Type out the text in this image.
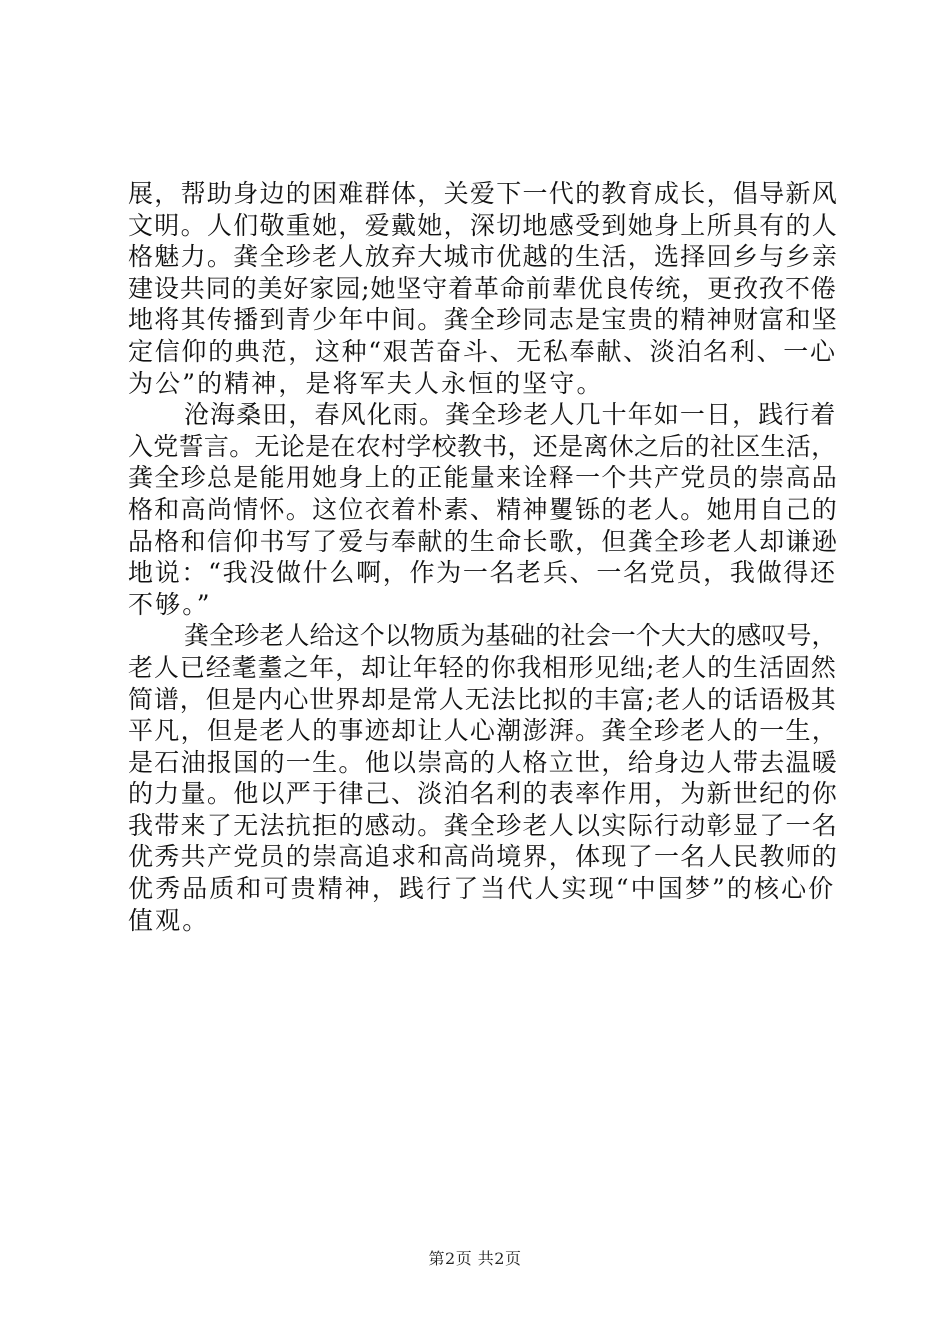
展，帮助身边的困难群体，关爱下一代的教育成长，倡导新风
文明。人们敬重她，爱戴她，深切地感受到她身上所具有的人
格魅力。龚全珍老人放弃大城市优越的生活，选择回乡与乡亲
建设共同的美好家园;她坚守着革命前辈优良传统，更孜孜不倦
地将其传播到青少年中间。龚全珍同志是宝贵的精神财富和坚
定信仰的典范，这种“艰苦奋斗、无私奉献、淡泊名利、一心
为公”的精神，是将军夫人永恒的坚守。
沧海桑田，春风化雨。龚全珍老人几十年如一日，践行着
入党誓言。无论是在农村学校教书，还是离休之后的社区生活，
龚全珍总是能用她身上的正能量来诠释一个共产党员的崇高品
格和高尚情怀。这位衣着朴素、精神矍铄的老人。她用自己的
品格和信仰书写了爱与奉献的生命长歌，但龚全珍老人却谦逊
地说：“我没做什么啊，作为一名老兵、一名党员，我做得还
不够。”
龚全珍老人给这个以物质为基础的社会一个大大的感叹号，
老人已经耄耋之年，却让年轻的你我相形见绌;老人的生活固然
简谱，但是内心世界却是常人无法比拟的丰富;老人的话语极其
平凡，但是老人的事迹却让人心潮澎湃。龚全珍老人的一生，
是石油报国的一生。他以崇高的人格立世，给身边人带去温暖
的力量。他以严于律己、淡泊名利的表率作用，为新世纪的你
我带来了无法抗拒的感动。龚全珍老人以实际行动彰显了一名
优秀共产党员的崇高追求和高尚境界，体现了一名人民教师的
优秀品质和可贵精神，践行了当代人实现“中国梦”的核心价
值观。
第2页 共2页
